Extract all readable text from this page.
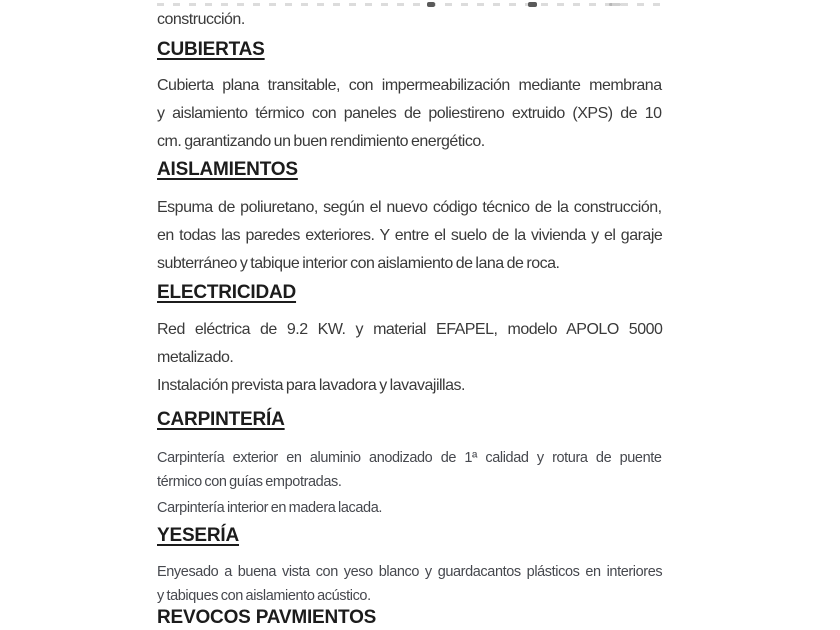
construcción.
CUBIERTAS
Cubierta plana transitable, con impermeabilización mediante membrana
y aislamiento térmico con paneles de poliestireno extruido (XPS) de 10
cm. garantizando un buen rendimiento energético.
AISLAMIENTOS
Espuma de poliuretano, según el nuevo código técnico de la construcción,
en todas las paredes exteriores. Y entre el suelo de la vivienda y el garaje
subterráneo y tabique interior con aislamiento de lana de roca.
ELECTRICIDAD
Red eléctrica de 9.2 KW. y material EFAPEL, modelo APOLO 5000
metalizado.
Instalación prevista para lavadora y lavavajillas.
CARPINTERÍA
Carpintería exterior en aluminio anodizado de 1ª calidad y rotura de puente
térmico con guías empotradas.
Carpintería interior en madera lacada.
YESERÍA
Enyesado a buena vista con yeso blanco y guardacantos plásticos en interiores
y tabiques con aislamiento acústico.
REVOCOS PAVMIENTOS
